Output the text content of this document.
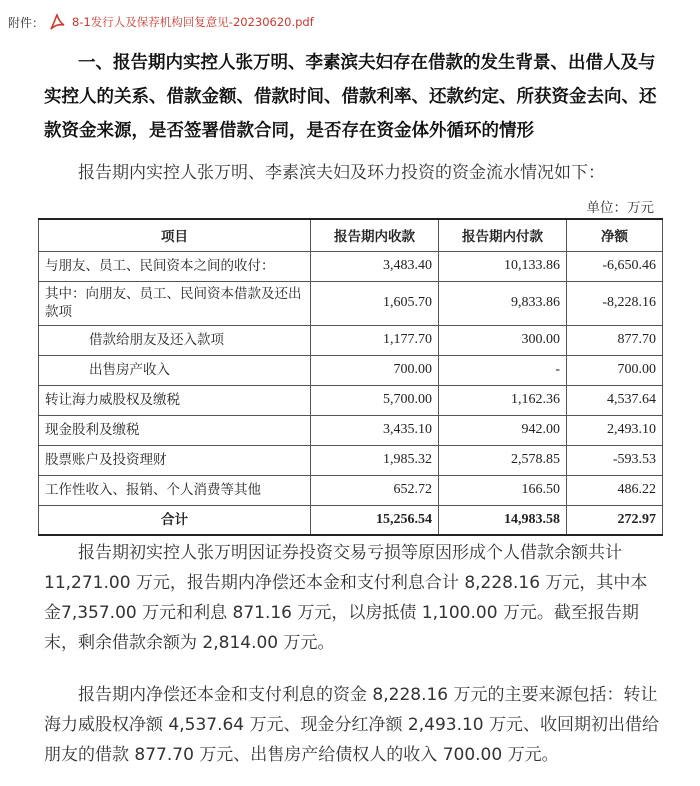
附件： 8-1发行人及保荐机构回复意见-20230620.pdf
一、报告期内实控人张万明、李素滨夫妇存在借款的发生背景、出借人及与实控人的关系、借款金额、借款时间、借款利率、还款约定、所获资金去向、还款资金来源，是否签署借款合同，是否存在资金体外循环的情形
报告期内实控人张万明、李素滨夫妇及环力投资的资金流水情况如下：
单位：万元
项目	报告期内收款	报告期内付款	净额
与朋友、员工、民间资本之间的收付：	3,483.40	10,133.86	-6,650.46
其中：向朋友、员工、民间资本借款及还出款项	1,605.70	9,833.86	-8,228.16
借款给朋友及还入款项	1,177.70	300.00	877.70
出售房产收入	700.00	-	700.00
转让海力威股权及缴税	5,700.00	1,162.36	4,537.64
现金股利及缴税	3,435.10	942.00	2,493.10
股票账户及投资理财	1,985.32	2,578.85	-593.53
工作性收入、报销、个人消费等其他	652.72	166.50	486.22
合计	15,256.54	14,983.58	272.97
报告期初实控人张万明因证券投资交易亏损等原因形成个人借款余额共计11,271.00 万元，报告期内净偿还本金和支付利息合计 8,228.16 万元，其中本金7,357.00 万元和利息 871.16 万元，以房抵债 1,100.00 万元。截至报告期末，剩余借款余额为 2,814.00 万元。
报告期内净偿还本金和支付利息的资金 8,228.16 万元的主要来源包括：转让海力威股权净额 4,537.64 万元、现金分红净额 2,493.10 万元、收回期初出借给朋友的借款 877.70 万元、出售房产给债权人的收入 700.00 万元。
